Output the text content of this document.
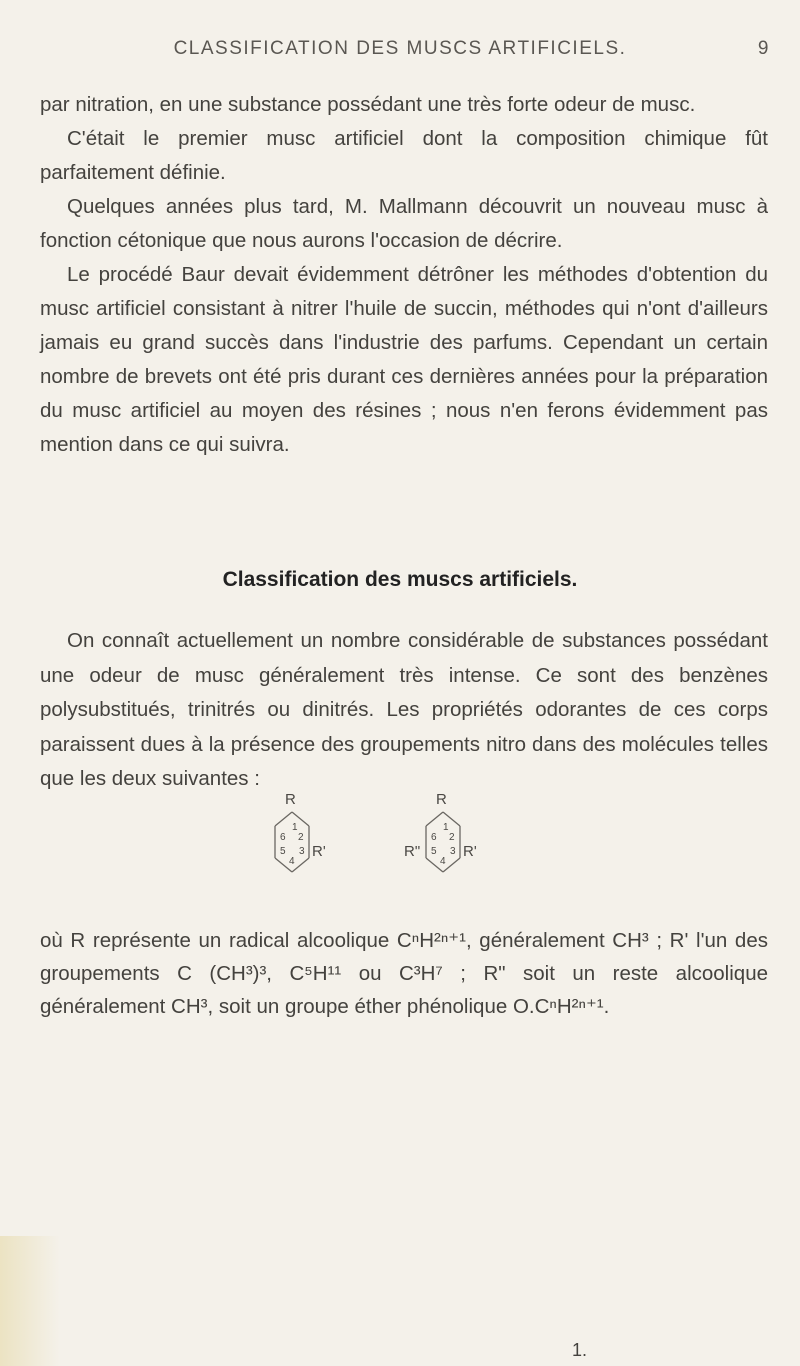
CLASSIFICATION DES MUSCS ARTIFICIELS.	9

par nitration, en une substance possédant une très forte odeur de musc.

C'était le premier musc artificiel dont la composition chimique fût parfaitement définie.

Quelques années plus tard, M. Mallmann découvrit un nouveau musc à fonction cétonique que nous aurons l'occasion de décrire.

Le procédé Baur devait évidemment détrôner les méthodes d'obtention du musc artificiel consistant à nitrer l'huile de succin, méthodes qui n'ont d'ailleurs jamais eu grand succès dans l'industrie des parfums. Cependant un certain nombre de brevets ont été pris durant ces dernières années pour la préparation du musc artificiel au moyen des résines ; nous n'en ferons évidemment pas mention dans ce qui suivra.

Classification des muscs artificiels.

On connaît actuellement un nombre considérable de substances possédant une odeur de musc généralement très intense. Ce sont des benzènes polysubstitués, trinitrés ou dinitrés. Les propriétés odorantes de ces corps paraissent dues à la présence des groupements nitro dans des molécules telles que les deux suivantes :

R
R'
1
2
3
4
5
6
R
R'
R"
1
2
3
4
5
6

où R représente un radical alcoolique CⁿH²ⁿ⁺¹, généralement CH³ ; R' l'un des groupements C (CH³)³, C⁵H¹¹ ou C³H⁷ ; R" soit un reste alcoolique généralement CH³, soit un groupe éther phénolique O.CⁿH²ⁿ⁺¹.

1.
